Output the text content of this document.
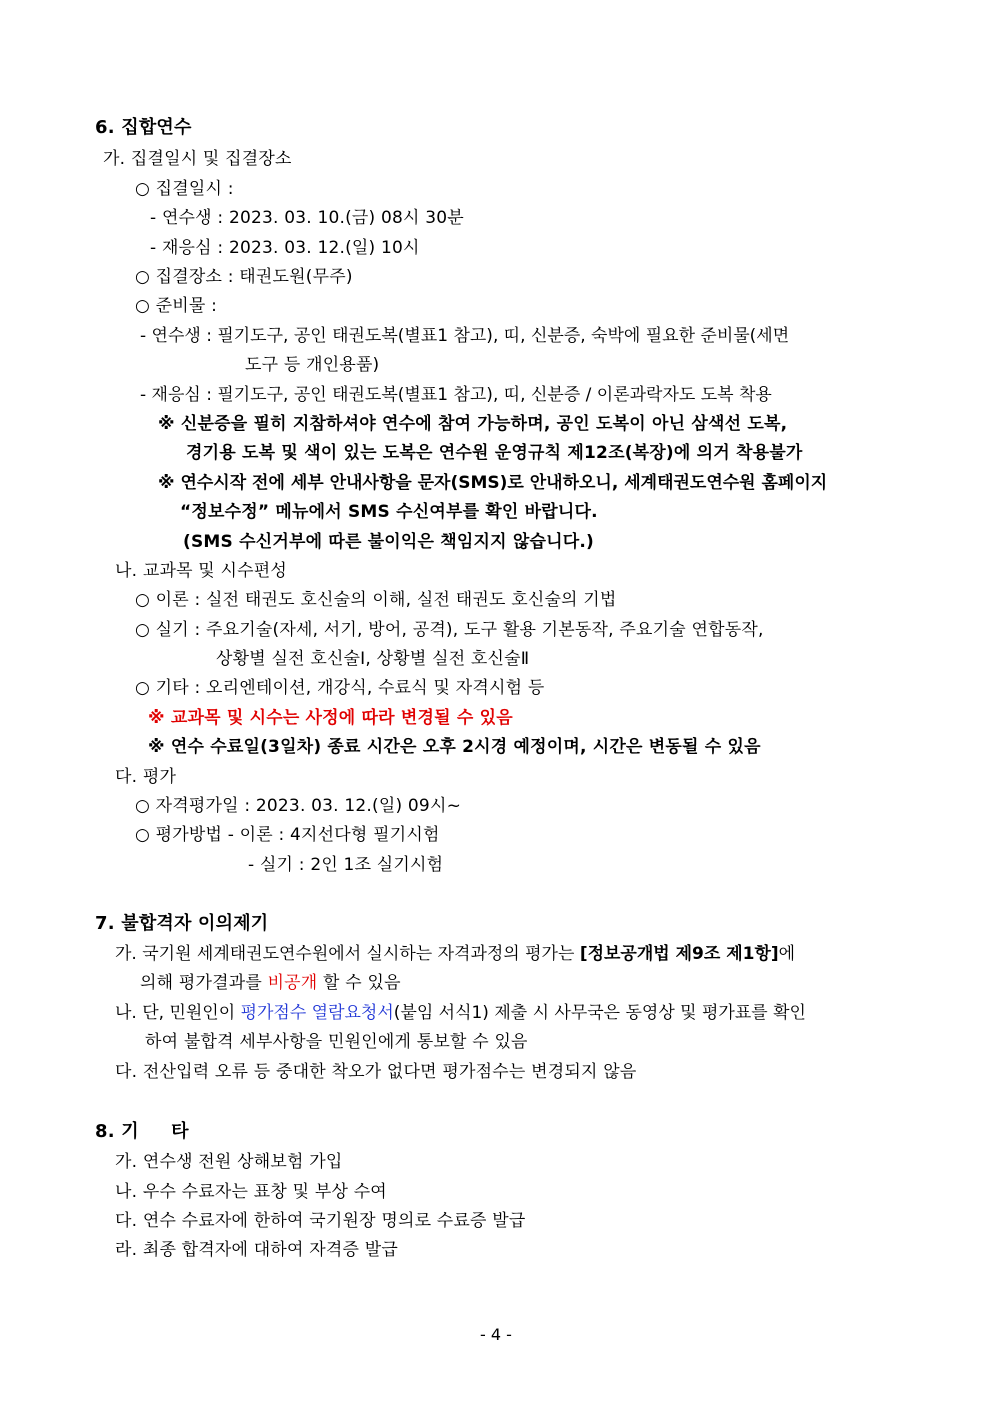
6. 집합연수
가. 집결일시 및 집결장소
○ 집결일시 :
- 연수생 : 2023. 03. 10.(금) 08시 30분
- 재응심 : 2023. 03. 12.(일) 10시
○ 집결장소 : 태권도원(무주)
○ 준비물 :
- 연수생 : 필기도구, 공인 태권도복(별표1 참고), 띠, 신분증, 숙박에 필요한 준비물(세면
도구 등 개인용품)
- 재응심 : 필기도구, 공인 태권도복(별표1 참고), 띠, 신분증 / 이론과락자도 도복 착용
※ 신분증을 필히 지참하셔야 연수에 참여 가능하며, 공인 도복이 아닌 삼색선 도복,
경기용 도복 및 색이 있는 도복은 연수원 운영규칙 제12조(복장)에 의거 착용불가
※ 연수시작 전에 세부 안내사항을 문자(SMS)로 안내하오니, 세계태권도연수원 홈페이지
“정보수정” 메뉴에서 SMS 수신여부를 확인 바랍니다.
(SMS 수신거부에 따른 불이익은 책임지지 않습니다.)
나. 교과목 및 시수편성
○ 이론 : 실전 태권도 호신술의 이해, 실전 태권도 호신술의 기법
○ 실기 : 주요기술(자세, 서기, 방어, 공격), 도구 활용 기본동작, 주요기술 연합동작,
상황별 실전 호신술Ⅰ, 상황별 실전 호신술Ⅱ
○ 기타 : 오리엔테이션, 개강식, 수료식 및 자격시험 등
※ 교과목 및 시수는 사정에 따라 변경될 수 있음
※ 연수 수료일(3일차) 종료 시간은 오후 2시경 예정이며, 시간은 변동될 수 있음
다. 평가
○ 자격평가일 : 2023. 03. 12.(일) 09시~
○ 평가방법 - 이론 : 4지선다형 필기시험
- 실기 : 2인 1조 실기시험
7. 불합격자 이의제기
가. 국기원 세계태권도연수원에서 실시하는 자격과정의 평가는 [정보공개법 제9조 제1항]에
의해 평가결과를 비공개 할 수 있음
나. 단, 민원인이 평가점수 열람요청서(붙임 서식1) 제출 시 사무국은 동영상 및 평가표를 확인
하여 불합격 세부사항을 민원인에게 통보할 수 있음
다. 전산입력 오류 등 중대한 착오가 없다면 평가점수는 변경되지 않음
8. 기     타
가. 연수생 전원 상해보험 가입
나. 우수 수료자는 표창 및 부상 수여
다. 연수 수료자에 한하여 국기원장 명의로 수료증 발급
라. 최종 합격자에 대하여 자격증 발급
- 4 -
